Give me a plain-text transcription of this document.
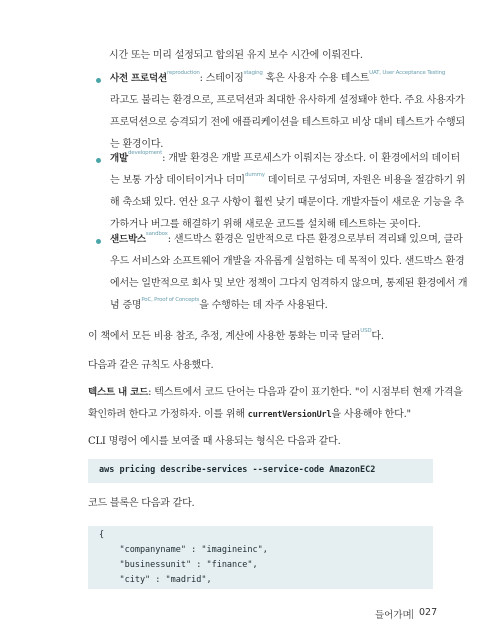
시간 또는 미리 설정되고 합의된 유지 보수 시간에 이뤄진다.
사전 프로덕션$^{reproduction}$: 스테이징$^{staging}$ 혹은 사용자 수용 테스트$^{UAT, User Acceptance Testing}$
라고도 불리는 환경으로, 프로덕션과 최대한 유사하게 설정돼야 한다. 주요 사용자가
프로덕션으로 승격되기 전에 애플리케이션을 테스트하고 비상 대비 테스트가 수행되
는 환경이다.
개발$^{development}$: 개발 환경은 개발 프로세스가 이뤄지는 장소다. 이 환경에서의 데이터
는 보통 가상 데이터이거나 더미$^{dummy}$ 데이터로 구성되며, 자원은 비용을 절감하기 위
해 축소돼 있다. 연산 요구 사항이 훨씬 낮기 때문이다. 개발자들이 새로운 기능을 추
가하거나 버그를 해결하기 위해 새로운 코드를 설치해 테스트하는 곳이다.
샌드박스$^{sandbox}$: 샌드박스 환경은 일반적으로 다른 환경으로부터 격리돼 있으며, 클라
우드 서비스와 소프트웨어 개발을 자유롭게 실험하는 데 목적이 있다. 샌드박스 환경
에서는 일반적으로 회사 및 보안 정책이 그다지 엄격하지 않으며, 통제된 환경에서 개
념 증명$^{PoC, Proof of Concepts}$을 수행하는 데 자주 사용된다.
이 책에서 모든 비용 참조, 추정, 계산에 사용한 통화는 미국 달러$^{USD}$다.
다음과 같은 규칙도 사용했다.
텍스트 내 코드: 텍스트에서 코드 단어는 다음과 같이 표기한다. "이 시점부터 현재 가격을
확인하려 한다고 가정하자. 이를 위해 currentVersionUrl을 사용해야 한다."
CLI 명령어 예시를 보여줄 때 사용되는 형식은 다음과 같다.
aws pricing describe-services --service-code AmazonEC2
코드 블록은 다음과 같다.
{
"companyname" : "imagineinc",
"businessunit" : "finance",
"city" : "madrid",
들어가며 027
